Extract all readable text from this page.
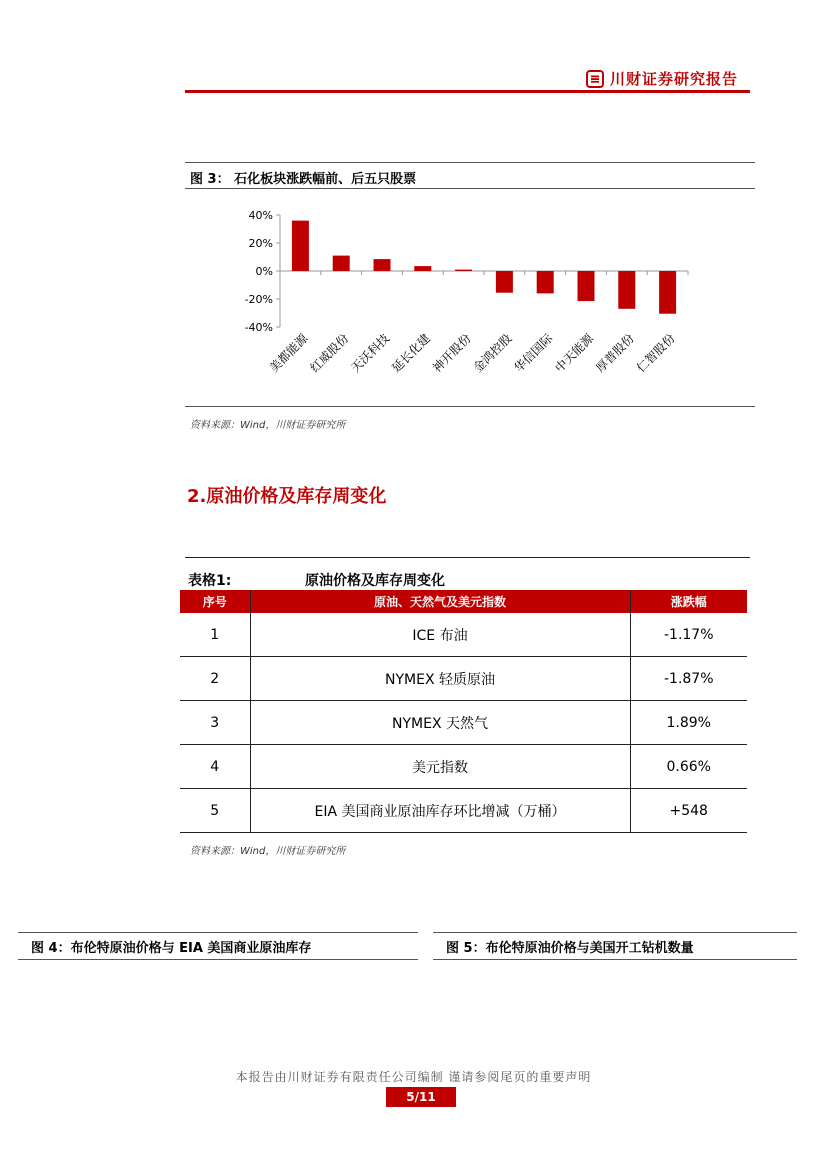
川财证券研究报告
图 3： 石化板块涨跌幅前、后五只股票
40%
20%
0%
-20%
-40%
美都能源
红威股份
天沃科技
延长化建
神开股份
金鸿控股
华信国际
中天能源
厚普股份
仁智股份
资料来源：Wind，川财证券研究所
2.原油价格及库存周变化
表格1:	原油价格及库存周变化
序号	原油、天然气及美元指数	涨跌幅
1	ICE 布油	-1.17%
2	NYMEX 轻质原油	-1.87%
3	NYMEX 天然气	1.89%
4	美元指数	0.66%
5	EIA 美国商业原油库存环比增减（万桶）	+548
资料来源：Wind，川财证券研究所
图 4：布伦特原油价格与 EIA 美国商业原油库存	图 5：布伦特原油价格与美国开工钻机数量
本报告由川财证券有限责任公司编制 谨请参阅尾页的重要声明
5/11
